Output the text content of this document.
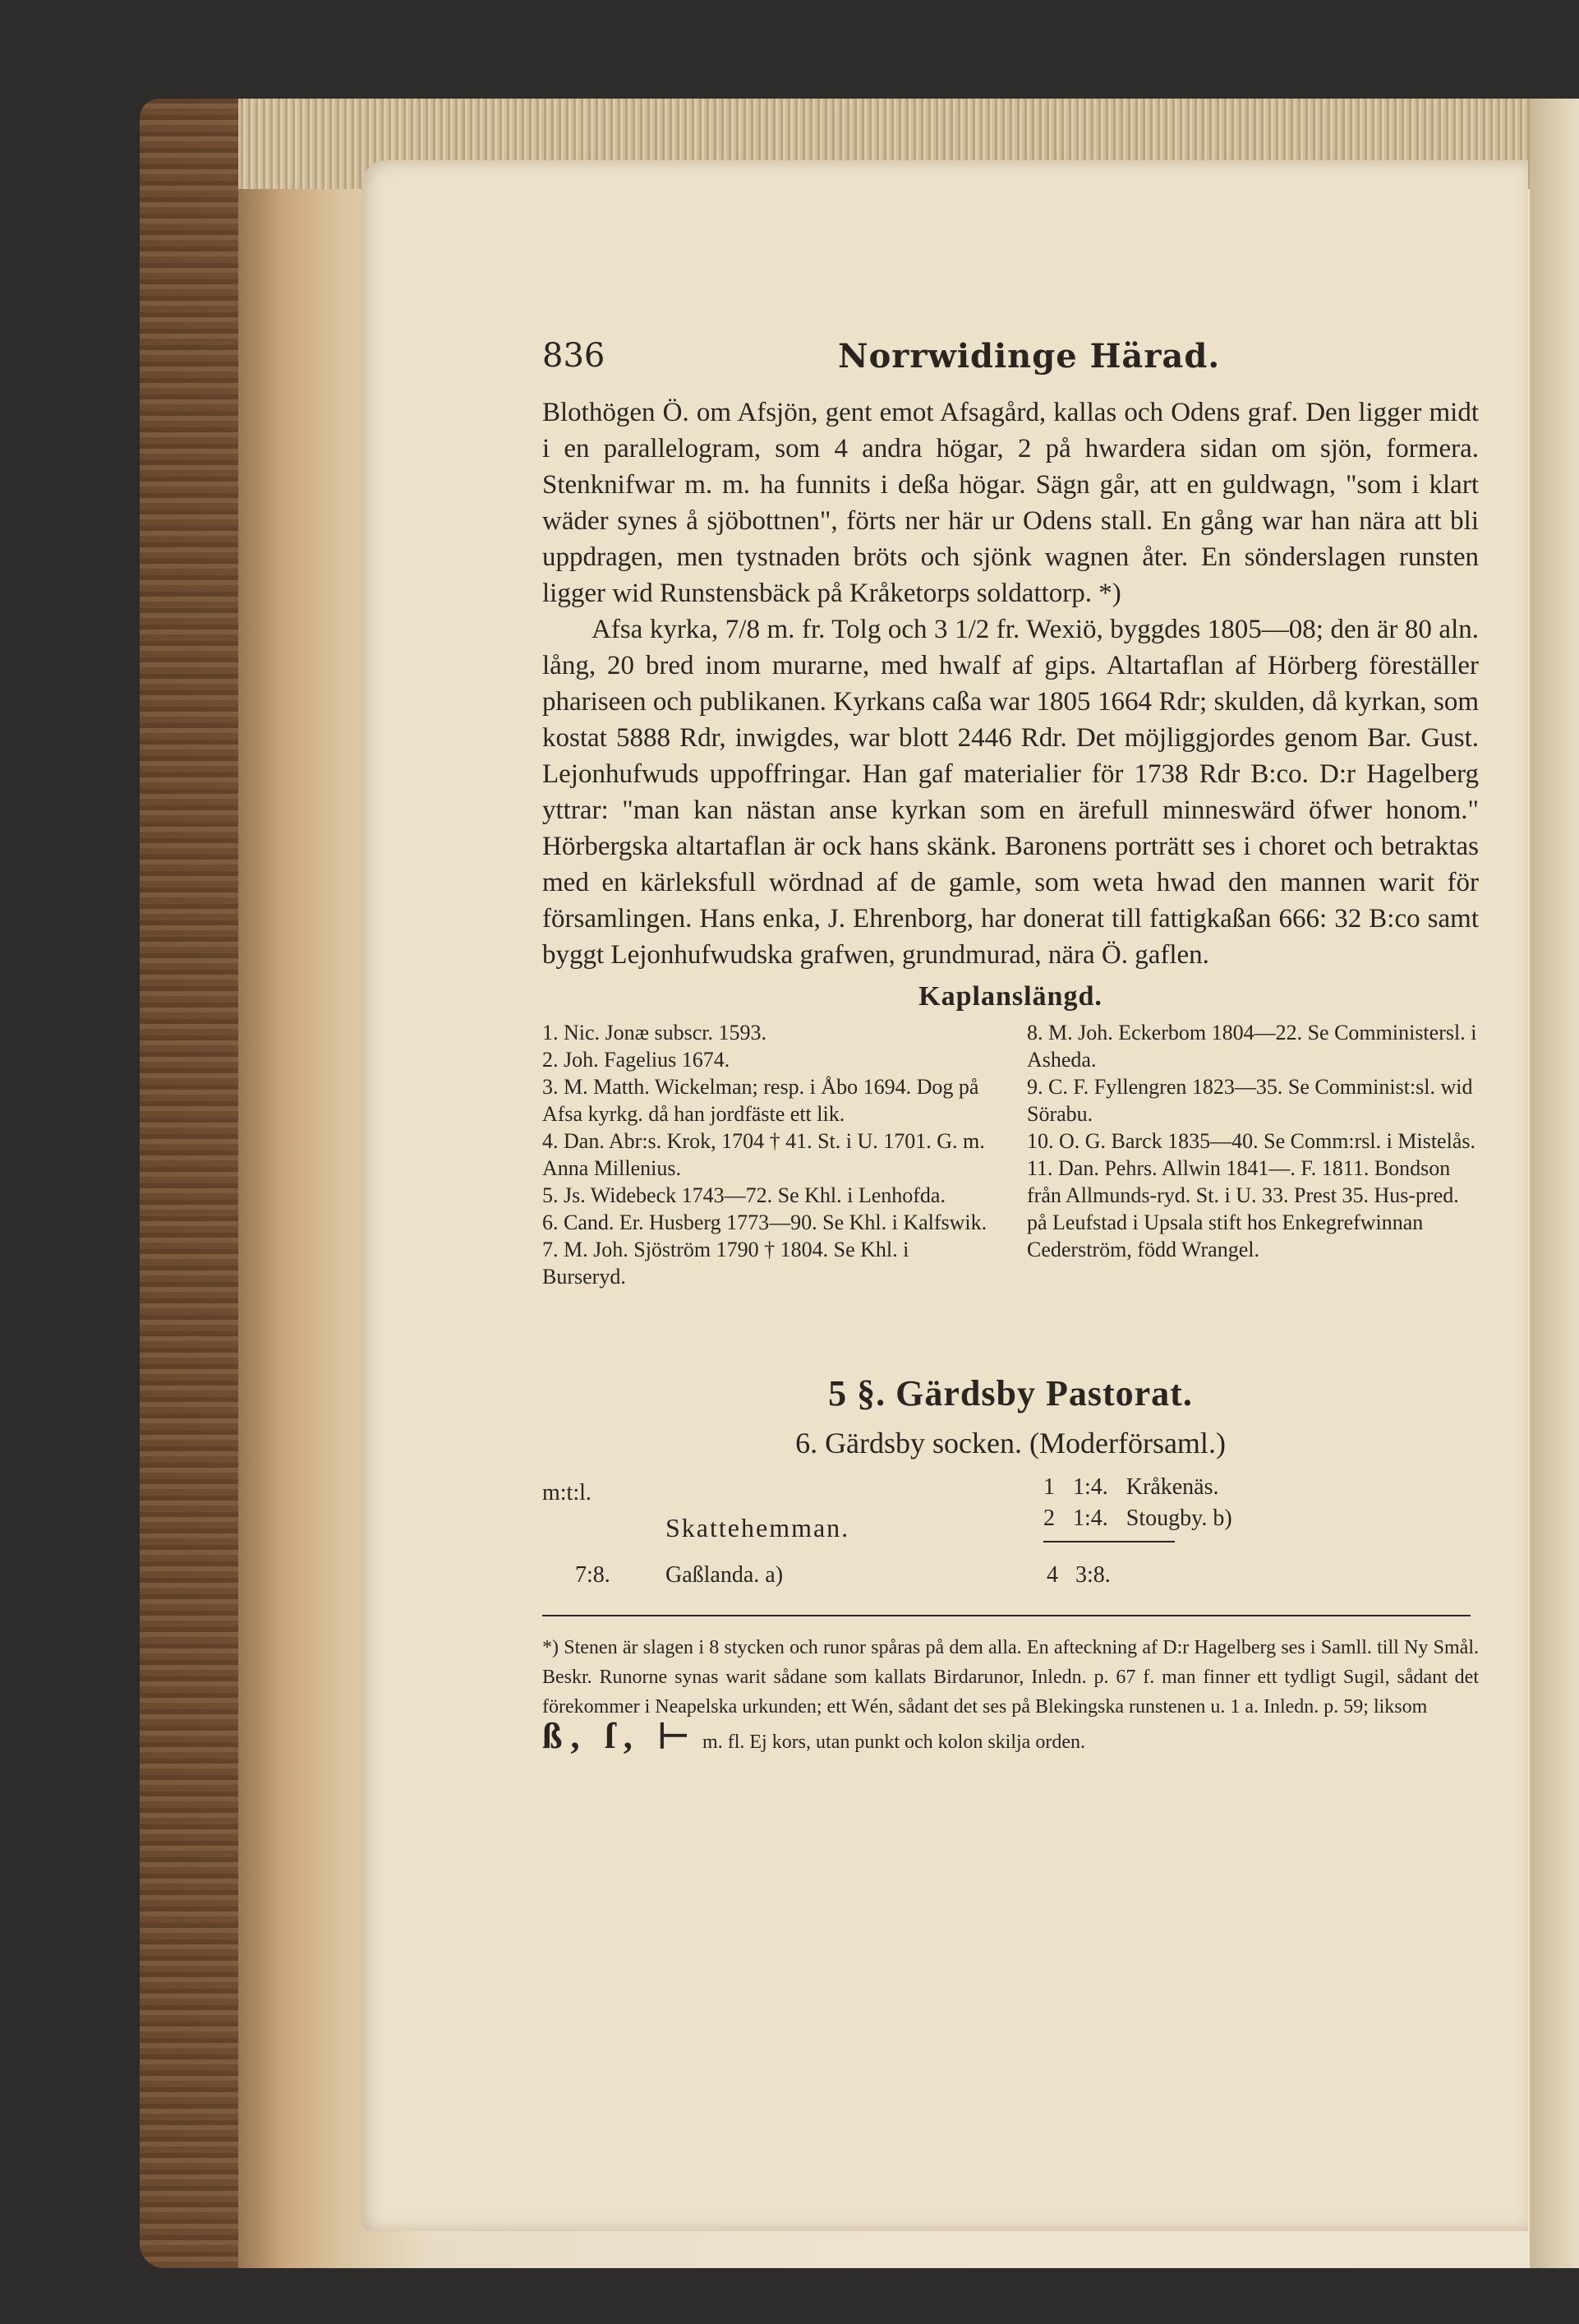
836	Norrwidinge Härad.

Blothögen Ö. om Afsjön, gent emot Afsagård, kallas och Odens graf. Den ligger midt i en parallelogram, som 4 andra högar, 2 på hwardera sidan om sjön, formera. Stenknifwar m. m. ha funnits i deßa högar. Sägn går, att en guldwagn, "som i klart wäder synes å sjöbottnen", förts ner här ur Odens stall. En gång war han nära att bli uppdragen, men tystnaden bröts och sjönk wagnen åter. En sönderslagen runsten ligger wid Runstensbäck på Kråketorps soldattorp. *)

Afsa kyrka, 7/8 m. fr. Tolg och 3 1/2 fr. Wexiö, byggdes 1805—08; den är 80 aln. lång, 20 bred inom murarne, med hwalf af gips. Altartaflan af Hörberg föreställer phariseen och publikanen. Kyrkans caßa war 1805 1664 Rdr; skulden, då kyrkan, som kostat 5888 Rdr, inwigdes, war blott 2446 Rdr. Det möjliggjordes genom Bar. Gust. Lejonhufwuds uppoffringar. Han gaf materialier för 1738 Rdr B:co. D:r Hagelberg yttrar: "man kan nästan anse kyrkan som en ärefull minneswärd öfwer honom." Hörbergska altartaflan är ock hans skänk. Baronens porträtt ses i choret och betraktas med en kärleksfull wördnad af de gamle, som weta hwad den mannen warit för församlingen. Hans enka, J. Ehrenborg, har donerat till fattigkaßan 666: 32 B:co samt byggt Lejonhufwudska grafwen, grundmurad, nära Ö. gaflen.

Kaplanslängd.

1. Nic. Jonæ subscr. 1593.

2. Joh. Fagelius 1674.

3. M. Matth. Wickelman; resp. i Åbo 1694. Dog på Afsa kyrkg. då han jordfäste ett lik.

4. Dan. Abr:s. Krok, 1704 † 41. St. i U. 1701. G. m. Anna Millenius.

5. Js. Widebeck 1743—72. Se Khl. i Lenhofda.

6. Cand. Er. Husberg 1773—90. Se Khl. i Kalfswik.

7. M. Joh. Sjöström 1790 † 1804. Se Khl. i Burseryd.

8. M. Joh. Eckerbom 1804—22. Se Comministersl. i Asheda.

9. C. F. Fyllengren 1823—35. Se Comminist:sl. wid Sörabu.

10. O. G. Barck 1835—40. Se Comm:rsl. i Mistelås.

11. Dan. Pehrs. Allwin 1841—. F. 1811. Bondson från Allmunds-ryd. St. i U. 33. Prest 35. Hus-pred. på Leufstad i Upsala stift hos Enkegrefwinnan Cederström, född Wrangel.

5 §. Gärdsby Pastorat.
6. Gärdsby socken. (Moderförsaml.)
m:t:l.
Skattehemman.
1 1:4. Kråkenäs.
2 1:4. Stougby. b)
7:8. Gaßlanda. a)	4 3:8.
*) Stenen är slagen i 8 stycken och runor spåras på dem alla. En afteckning af D:r Hagelberg ses i Samll. till Ny Smål. Beskr. Runorne synas warit sådane som kallats Birdarunor, Inledn. p. 67 f. man finner ett tydligt Sugil, sådant det förekommer i Neapelska urkunden; ett Wén, sådant det ses på Blekingska runstenen u. 1 a. Inledn. p. 59; liksom
ß, ſ, ⊢ m. fl. Ej kors, utan punkt och kolon skilja orden.
